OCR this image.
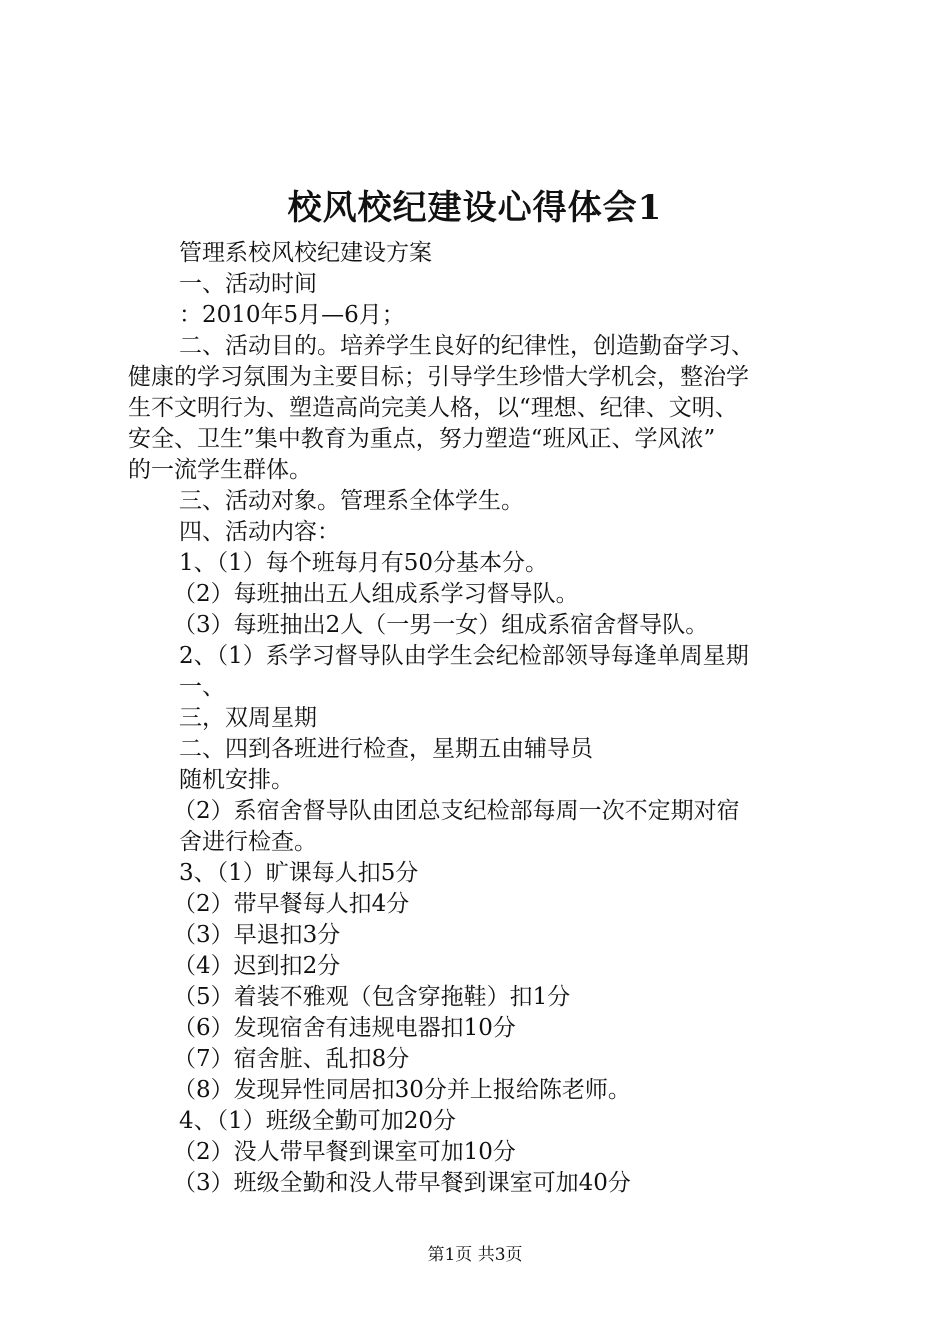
校风校纪建设心得体会1
管理系校风校纪建设方案
一、活动时间
：2010年5月—6月；
二、活动目的。培养学生良好的纪律性，创造勤奋学习、
健康的学习氛围为主要目标；引导学生珍惜大学机会，整治学
生不文明行为、塑造高尚完美人格，以“理想、纪律、文明、
安全、卫生”集中教育为重点，努力塑造“班风正、学风浓”
的一流学生群体。
三、活动对象。管理系全体学生。
四、活动内容：
1、（1）每个班每月有50分基本分。
（2）每班抽出五人组成系学习督导队。
（3）每班抽出2人（一男一女）组成系宿舍督导队。
2、（1）系学习督导队由学生会纪检部领导每逢单周星期
一、
三，双周星期
二、四到各班进行检查，星期五由辅导员
随机安排。
（2）系宿舍督导队由团总支纪检部每周一次不定期对宿
舍进行检查。
3、（1）旷课每人扣5分
（2）带早餐每人扣4分
（3）早退扣3分
（4）迟到扣2分
（5）着装不雅观（包含穿拖鞋）扣1分
（6）发现宿舍有违规电器扣10分
（7）宿舍脏、乱扣8分
（8）发现异性同居扣30分并上报给陈老师。
4、（1）班级全勤可加20分
（2）没人带早餐到课室可加10分
（3）班级全勤和没人带早餐到课室可加40分
第1页 共3页
